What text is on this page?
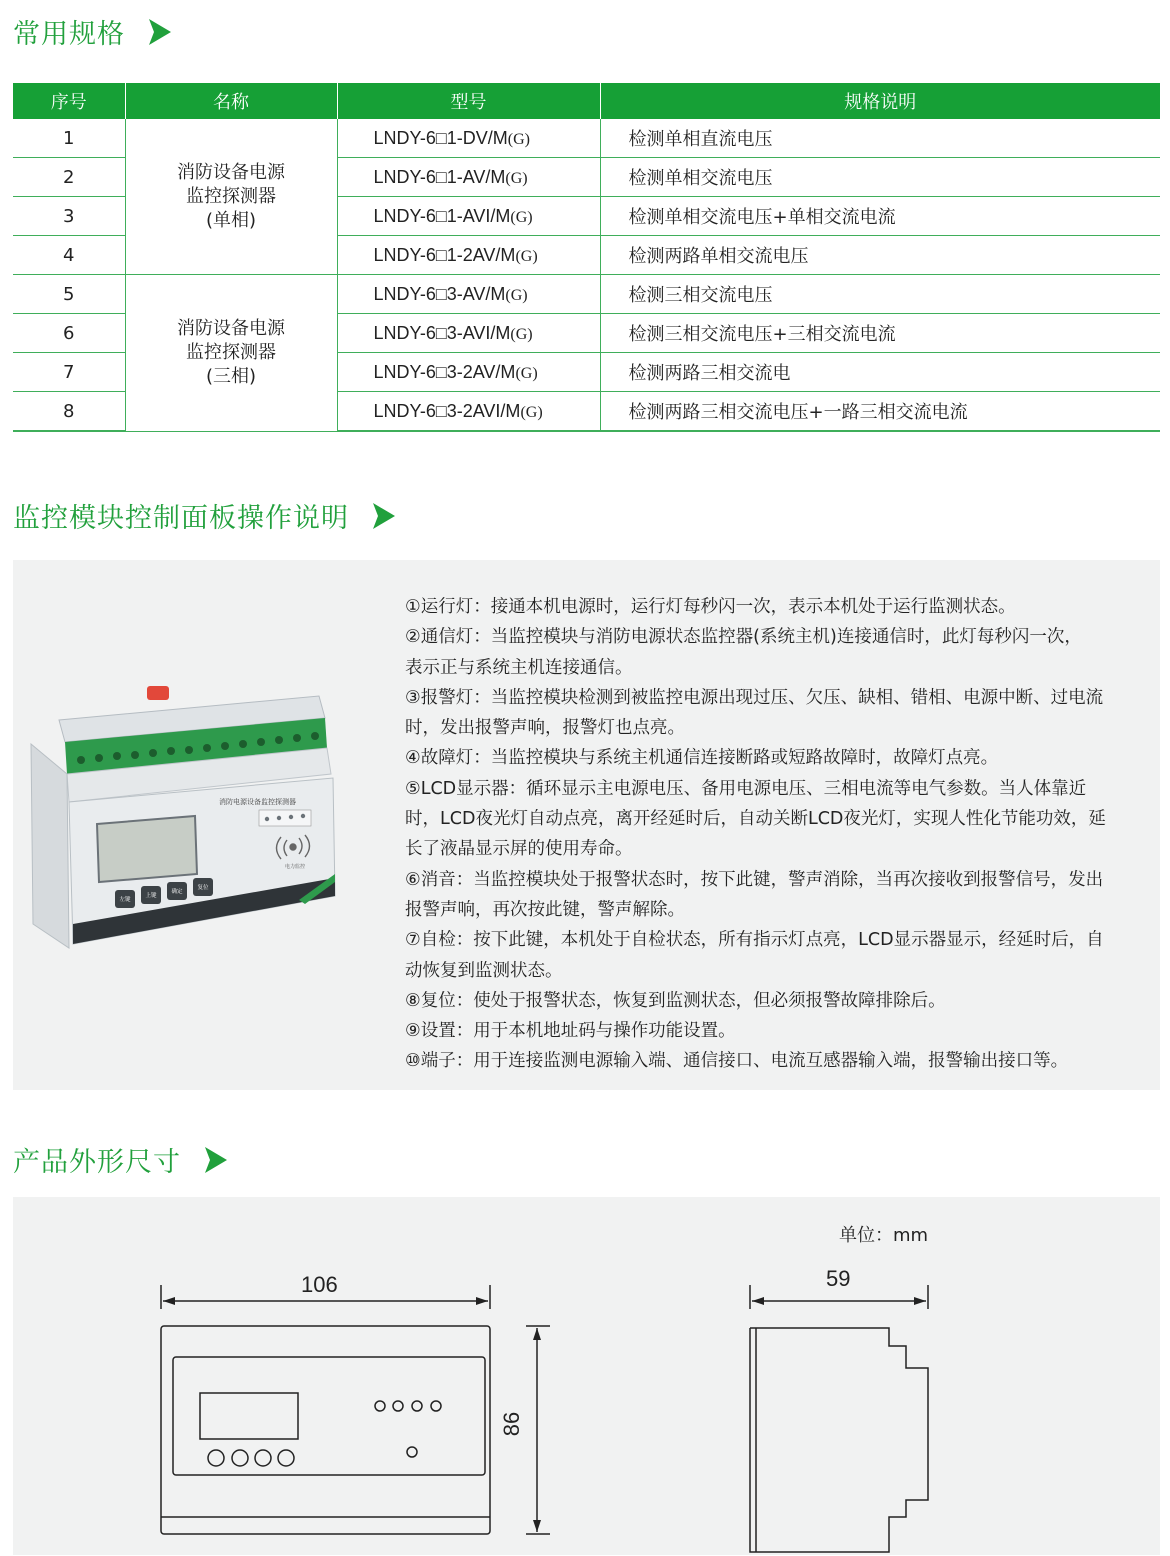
常用规格
序号	名称	型号	规格说明
1	消防设备电源
监控探测器
(单相)	LNDY-6□1-DV/M(G)	检测单相直流电压
2		LNDY-6□1-AV/M(G)	检测单相交流电压
3		LNDY-6□1-AVI/M(G)	检测单相交流电压+单相交流电流
4		LNDY-6□1-2AV/M(G)	检测两路单相交流电压
5	消防设备电源
监控探测器
(三相)	LNDY-6□3-AV/M(G)	检测三相交流电压
6		LNDY-6□3-AVI/M(G)	检测三相交流电压+三相交流电流
7		LNDY-6□3-2AV/M(G)	检测两路三相交流电
8		LNDY-6□3-2AVI/M(G)	检测两路三相交流电压+一路三相交流电流
监控模块控制面板操作说明
消防电源设备监控探测器
电力监控
左键
上键
确定
复位

①运行灯：接通本机电源时，运行灯每秒闪一次，表示本机处于运行监测状态。

②通信灯：当监控模块与消防电源状态监控器(系统主机)连接通信时，此灯每秒闪一次，

表示正与系统主机连接通信。

③报警灯：当监控模块检测到被监控电源出现过压、欠压、缺相、错相、电源中断、过电流

时，发出报警声响，报警灯也点亮。

④故障灯：当监控模块与系统主机通信连接断路或短路故障时，故障灯点亮。

⑤LCD显示器：循环显示主电源电压、备用电源电压、三相电流等电气参数。当人体靠近

时，LCD夜光灯自动点亮，离开经延时后，自动关断LCD夜光灯，实现人性化节能功效，延

长了液晶显示屏的使用寿命。

⑥消音：当监控模块处于报警状态时，按下此键，警声消除，当再次接收到报警信号，发出

报警声响，再次按此键，警声解除。

⑦自检：按下此键，本机处于自检状态，所有指示灯点亮，LCD显示器显示，经延时后，自

动恢复到监测状态。

⑧复位：使处于报警状态，恢复到监测状态，但必须报警故障排除后。

⑨设置：用于本机地址码与操作功能设置。

⑩端子：用于连接监测电源输入端、通信接口、电流互感器输入端，报警输出接口等。

产品外形尺寸
单位：mm
106	59
86
